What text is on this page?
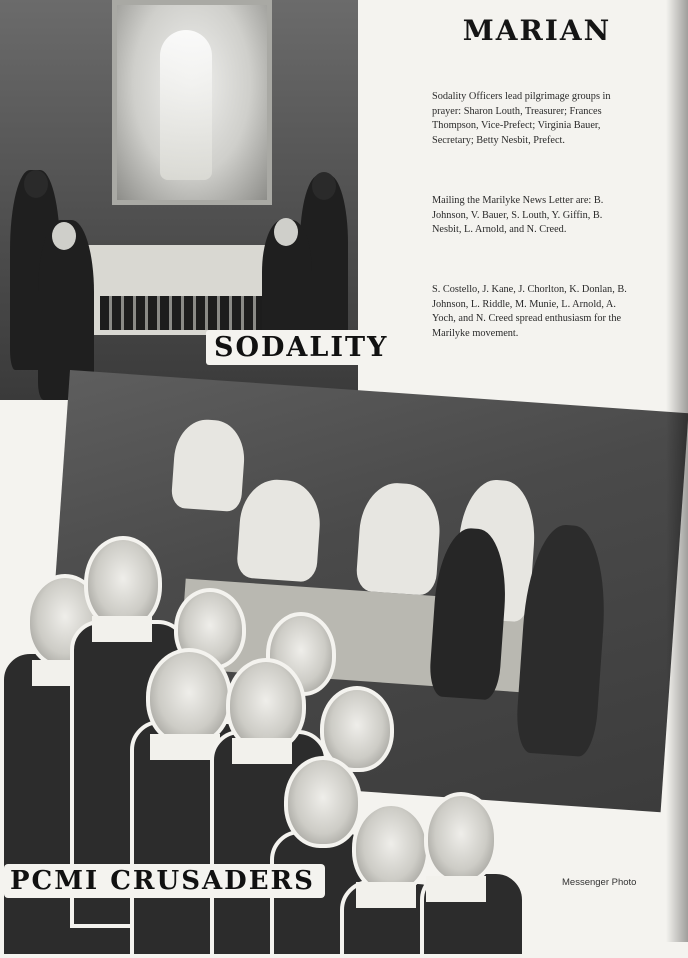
MARIAN

Sodality Officers lead pilgrimage groups in prayer: Sharon Louth, Treasurer; Frances Thompson, Vice-Prefect; Virginia Bauer, Secretary; Betty Nesbit, Prefect.

Mailing the Marilyke News Letter are: B. Johnson, V. Bauer, S. Louth, Y. Giffin, B. Nesbit, L. Arnold, and N. Creed.

S. Costello, J. Kane, J. Chorlton, K. Donlan, B. Johnson, L. Riddle, M. Munie, L. Arnold, A. Yoch, and N. Creed spread enthusiasm for the Marilyke movement.

SODALITY
PCMI CRUSADERS	Messenger Photo
